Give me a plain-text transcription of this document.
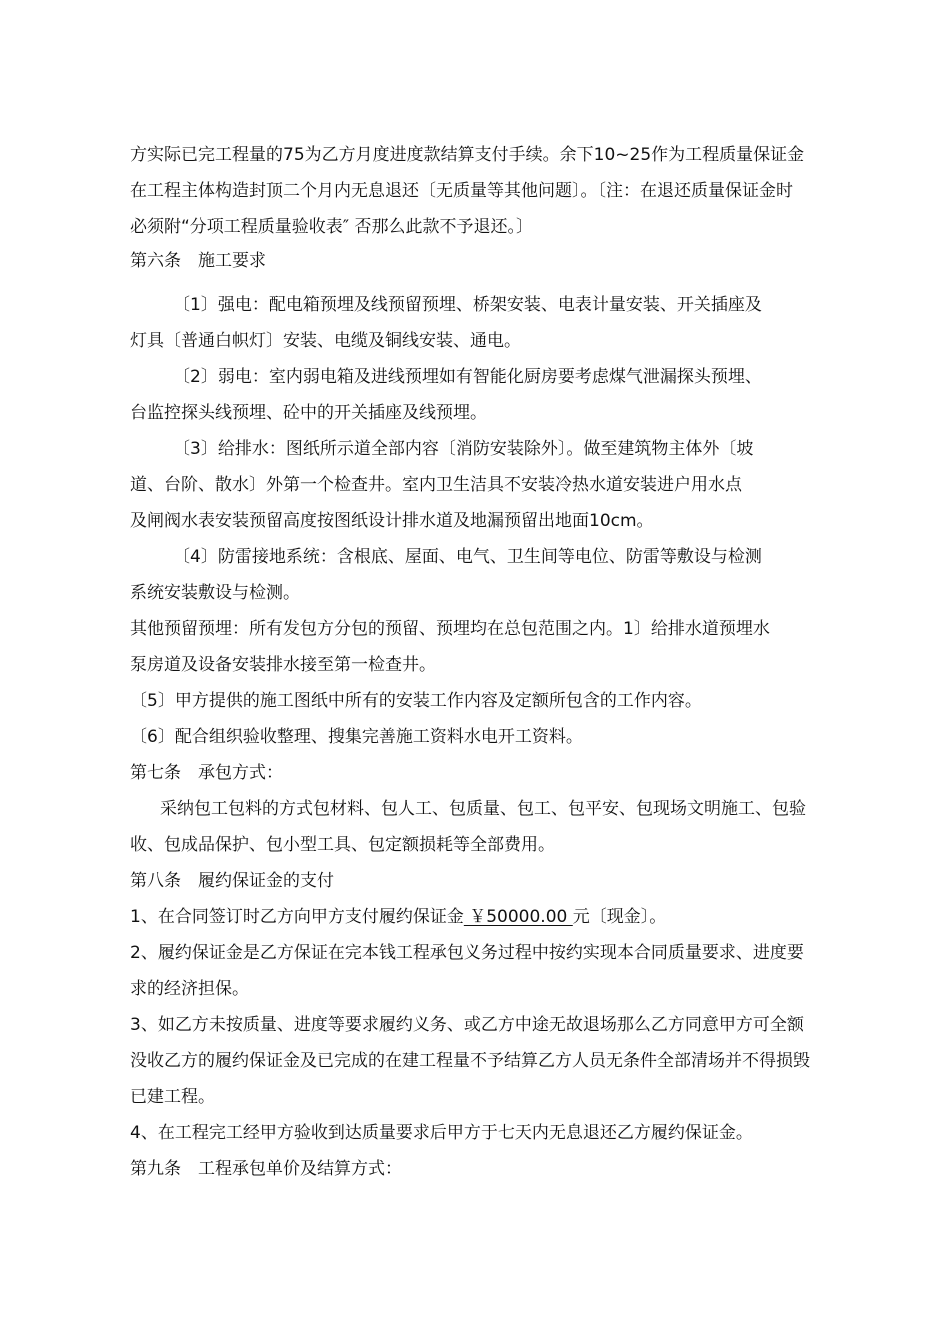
方实际已完工程量的75为乙方月度进度款结算支付手续。余下10~25作为工程质量保证金
在工程主体构造封顶二个月内无息退还〔无质量等其他问题〕。〔注：在退还质量保证金时
必须附“分项工程质量验收表″ 否那么此款不予退还。〕

第六条　施工要求

〔1〕强电：配电箱预埋及线预留预埋、桥架安装、电表计量安装、开关插座及
灯具〔普通白帜灯〕安装、电缆及铜线安装、通电。

〔2〕弱电：室内弱电箱及进线预埋如有智能化厨房要考虑煤气泄漏探头预埋、
台监控探头线预埋、砼中的开关插座及线预埋。

〔3〕给排水：图纸所示道全部内容〔消防安装除外〕。做至建筑物主体外〔坡
道、台阶、散水〕外第一个检查井。室内卫生洁具不安装冷热水道安装进户用水点
及闸阀水表安装预留高度按图纸设计排水道及地漏预留出地面10cm。

〔4〕防雷接地系统：含根底、屋面、电气、卫生间等电位、防雷等敷设与检测
系统安装敷设与检测。

其他预留预埋：所有发包方分包的预留、预埋均在总包范围之内。1〕给排水道预埋水
泵房道及设备安装排水接至第一检查井。

〔5〕甲方提供的施工图纸中所有的安装工作内容及定额所包含的工作内容。

〔6〕配合组织验收整理、搜集完善施工资料水电开工资料。

第七条　承包方式：

采纳包工包料的方式包材料、包人工、包质量、包工、包平安、包现场文明施工、包验
收、包成品保护、包小型工具、包定额损耗等全部费用。

第八条　履约保证金的支付

1、在合同签订时乙方向甲方支付履约保证金 ￥50000.00 元〔现金〕。

2、履约保证金是乙方保证在完本钱工程承包义务过程中按约实现本合同质量要求、进度要
求的经济担保。

3、如乙方未按质量、进度等要求履约义务、或乙方中途无故退场那么乙方同意甲方可全额
没收乙方的履约保证金及已完成的在建工程量不予结算乙方人员无条件全部清场并不得损毁
已建工程。

4、在工程完工经甲方验收到达质量要求后甲方于七天内无息退还乙方履约保证金。

第九条　工程承包单价及结算方式：
